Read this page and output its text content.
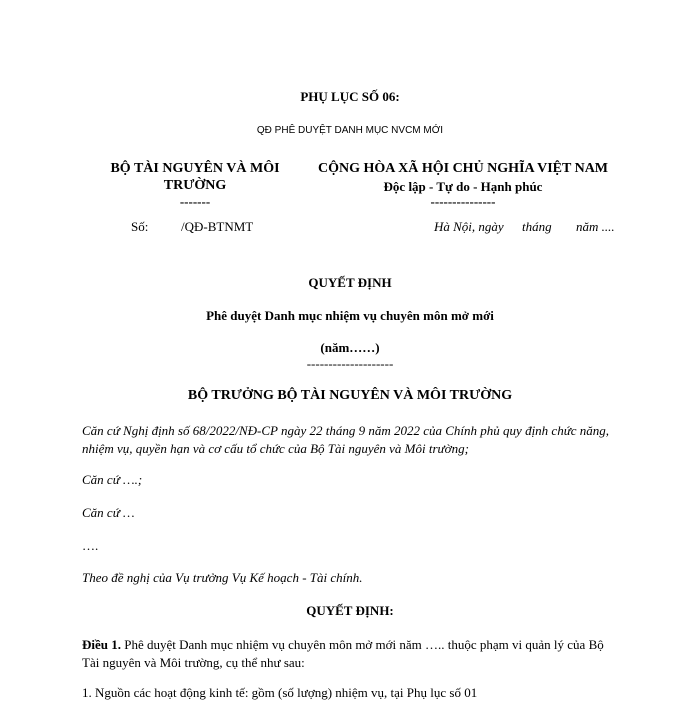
PHỤ LỤC SỐ 06:
QĐ PHÊ DUYỆT DANH MỤC NVCM MỚI
BỘ TÀI NGUYÊN VÀ MÔI
TRƯỜNG
-------
Số:	/QĐ-BTNMT
CỘNG HÒA XÃ HỘI CHỦ NGHĨA VIỆT NAM
Độc lập - Tự do - Hạnh phúc
---------------
Hà Nội, ngày tháng năm ....
QUYẾT ĐỊNH
Phê duyệt Danh mục nhiệm vụ chuyên môn mở mới
(năm……)
--------------------
BỘ TRƯỞNG BỘ TÀI NGUYÊN VÀ MÔI TRƯỜNG
Căn cứ Nghị định số 68/2022/NĐ-CP ngày 22 tháng 9 năm 2022 của Chính phủ quy định chức năng, nhiệm vụ, quyền hạn và cơ cấu tổ chức của Bộ Tài nguyên và Môi trường;
Căn cứ ….;
Căn cứ …
….
Theo đề nghị của Vụ trưởng Vụ Kế hoạch - Tài chính.
QUYẾT ĐỊNH:
Điều 1. Phê duyệt Danh mục nhiệm vụ chuyên môn mở mới năm ….. thuộc phạm vi quản lý của Bộ Tài nguyên và Môi trường, cụ thể như sau:
1. Nguồn các hoạt động kinh tế: gồm (số lượng) nhiệm vụ, tại Phụ lục số 01
